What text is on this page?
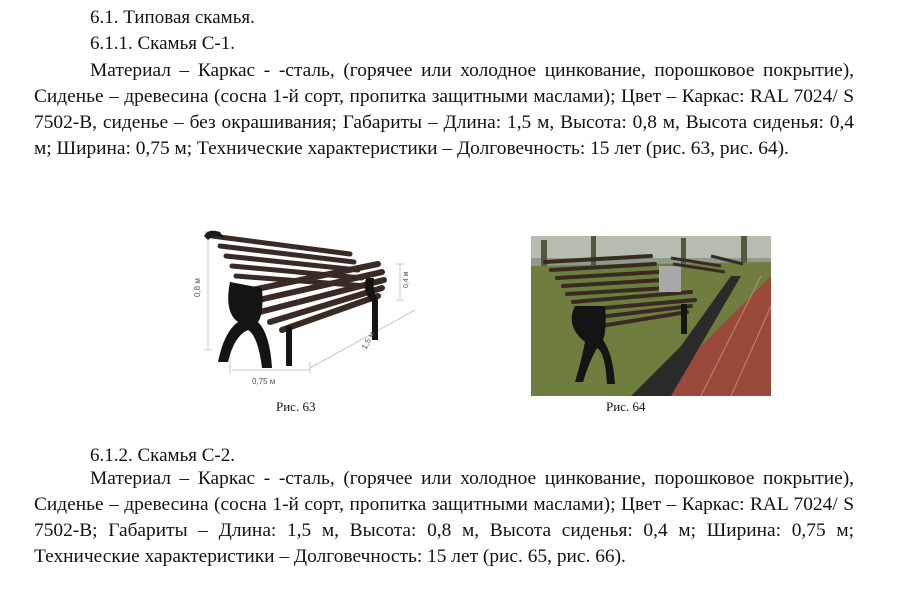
6.1. Типовая скамья.
6.1.1. Скамья С-1.
Материал – Каркас - -сталь, (горячее или холодное цинкование, порошковое покрытие), Сиденье – древесина (сосна 1-й сорт, пропитка защитными маслами); Цвет – Каркас: RAL 7024/ S 7502-B, сиденье – без окрашивания; Габариты – Длина: 1,5 м, Высота: 0,8 м, Высота сиденья: 0,4 м; Ширина: 0,75 м; Технические характеристики – Долговечность: 15 лет (рис. 63, рис. 64).
0,8 м	0,4 м
1,5 м
0,75 м
Рис. 63	Рис. 64
6.1.2. Скамья С-2.
Материал – Каркас - -сталь, (горячее или холодное цинкование, порошковое покрытие), Сиденье – древесина (сосна 1-й сорт, пропитка защитными маслами); Цвет – Каркас: RAL 7024/ S 7502-B; Габариты – Длина: 1,5 м, Высота: 0,8 м, Высота сиденья: 0,4 м; Ширина: 0,75 м; Технические характеристики – Долговечность: 15 лет (рис. 65, рис. 66).
